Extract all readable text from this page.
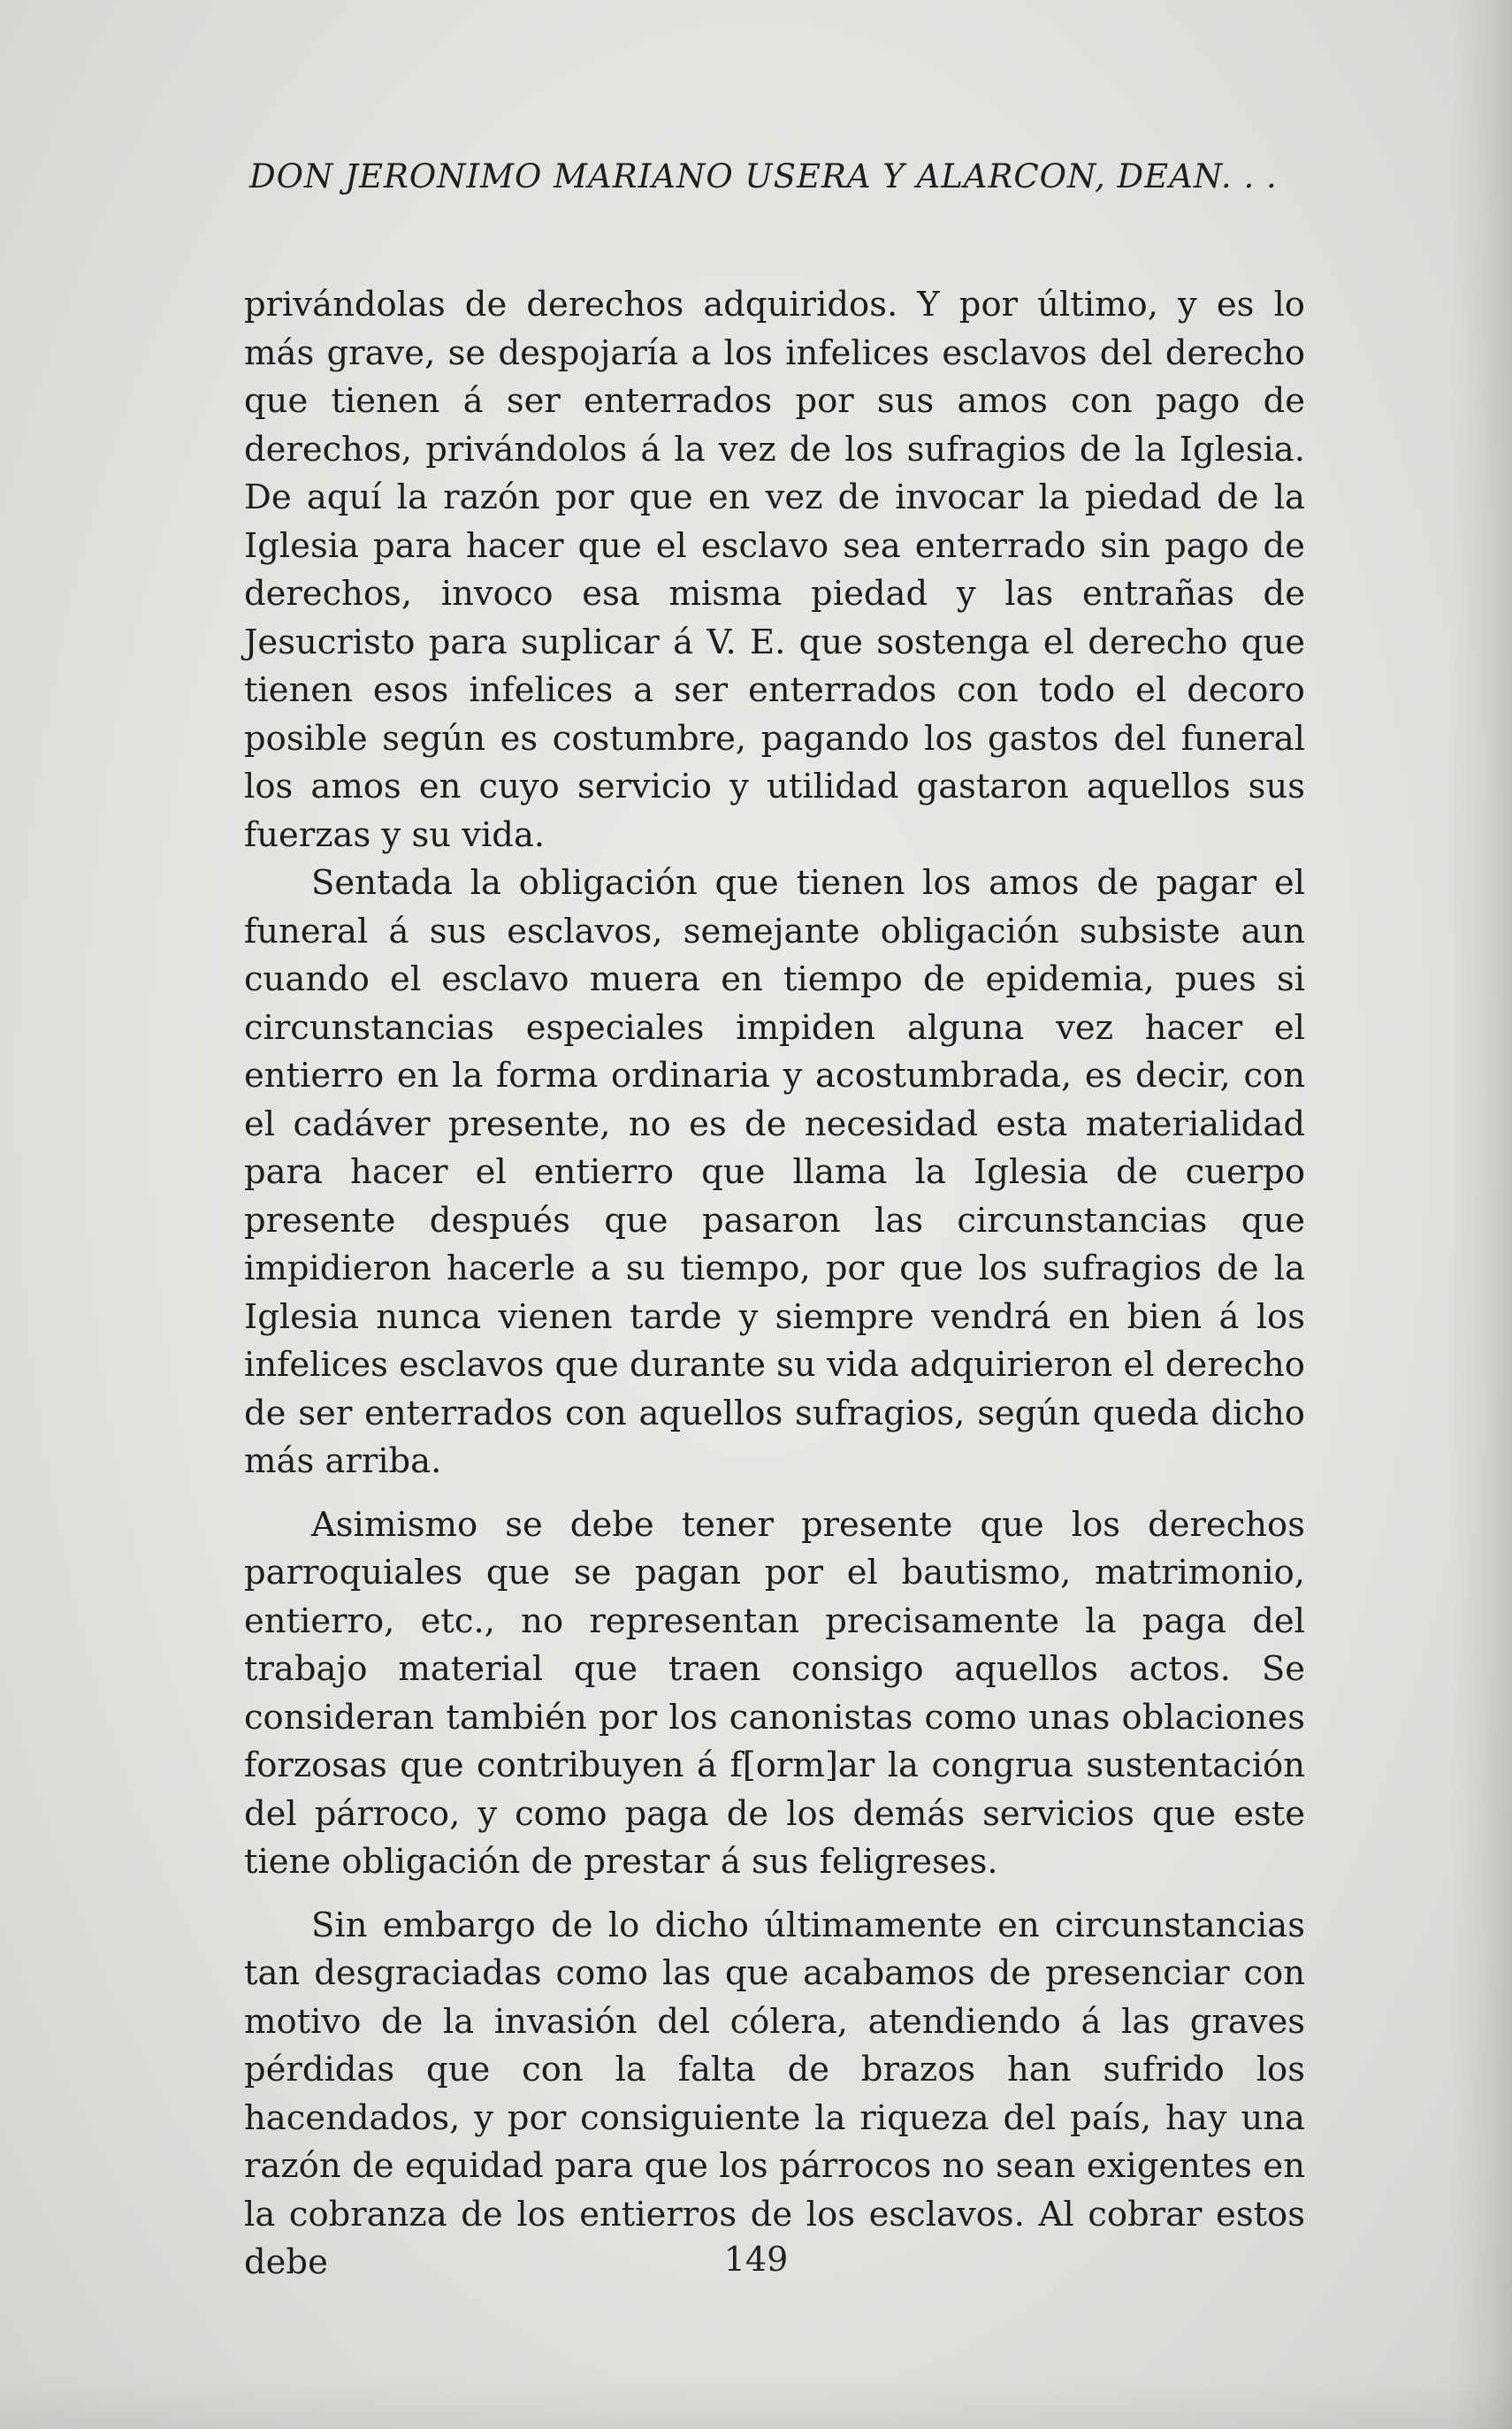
DON JERONIMO MARIANO USERA Y ALARCON, DEAN. . .

privándolas de derechos adquiridos. Y por último, y es lo más grave, se despojaría a los infelices esclavos del derecho que tienen á ser enterrados por sus amos con pago de derechos, privándolos á la vez de los sufragios de la Iglesia. De aquí la razón por que en vez de invocar la piedad de la Iglesia para hacer que el esclavo sea enterrado sin pago de derechos, invoco esa misma piedad y las entrañas de Jesucristo para suplicar á V. E. que sostenga el derecho que tienen esos infelices a ser enterrados con todo el decoro posible según es costumbre, pagando los gastos del funeral los amos en cuyo servicio y utilidad gastaron aquellos sus fuerzas y su vida.

Sentada la obligación que tienen los amos de pagar el funeral á sus esclavos, semejante obligación subsiste aun cuando el esclavo muera en tiempo de epidemia, pues si circunstancias especiales impiden alguna vez hacer el entierro en la forma ordinaria y acostumbrada, es decir, con el cadáver presente, no es de necesidad esta materialidad para hacer el entierro que llama la Iglesia de cuerpo presente después que pasaron las circunstancias que impidieron hacerle a su tiempo, por que los sufragios de la Iglesia nunca vienen tarde y siempre vendrá en bien á los infelices esclavos que durante su vida adquirieron el derecho de ser enterrados con aquellos sufragios, según queda dicho más arriba.

Asimismo se debe tener presente que los derechos parroquiales que se pagan por el bautismo, matrimonio, entierro, etc., no representan precisamente la paga del trabajo material que traen consigo aquellos actos. Se consideran también por los canonistas como unas oblaciones forzosas que contribuyen á f[orm]ar la congrua sustentación del párroco, y como paga de los demás servicios que este tiene obligación de prestar á sus feligreses.

Sin embargo de lo dicho últimamente en circunstancias tan desgraciadas como las que acabamos de presenciar con motivo de la invasión del cólera, atendiendo á las graves pérdidas que con la falta de brazos han sufrido los hacendados, y por consiguiente la riqueza del país, hay una razón de equidad para que los párrocos no sean exigentes en la cobranza de los entierros de los esclavos. Al cobrar estos debe	149
